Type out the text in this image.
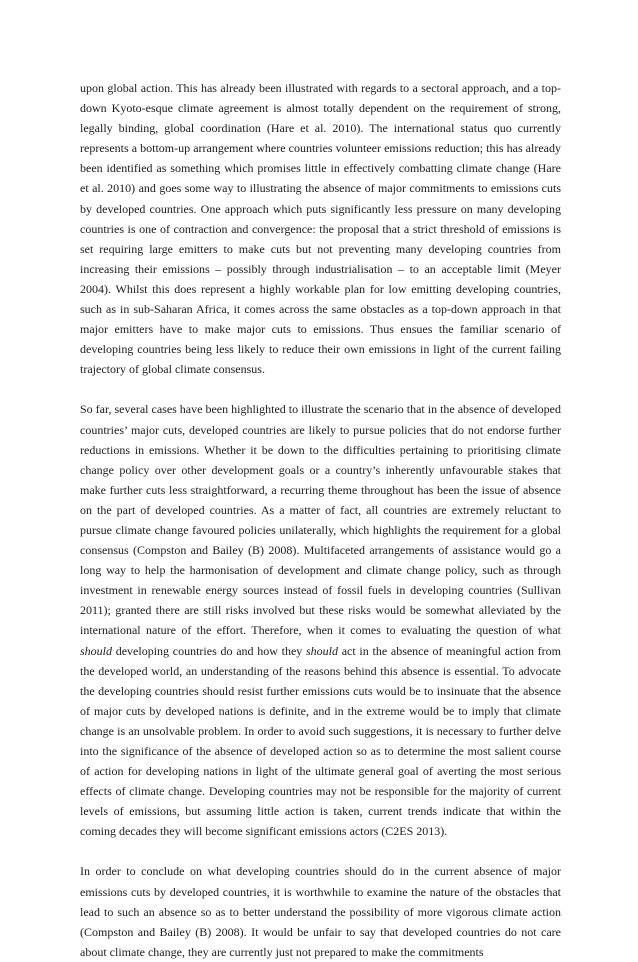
upon global action. This has already been illustrated with regards to a sectoral approach, and a top-down Kyoto-esque climate agreement is almost totally dependent on the requirement of strong, legally binding, global coordination (Hare et al. 2010). The international status quo currently represents a bottom-up arrangement where countries volunteer emissions reduction; this has already been identified as something which promises little in effectively combatting climate change (Hare et al. 2010) and goes some way to illustrating the absence of major commitments to emissions cuts by developed countries. One approach which puts significantly less pressure on many developing countries is one of contraction and convergence: the proposal that a strict threshold of emissions is set requiring large emitters to make cuts but not preventing many developing countries from increasing their emissions – possibly through industrialisation – to an acceptable limit (Meyer 2004). Whilst this does represent a highly workable plan for low emitting developing countries, such as in sub-Saharan Africa, it comes across the same obstacles as a top-down approach in that major emitters have to make major cuts to emissions. Thus ensues the familiar scenario of developing countries being less likely to reduce their own emissions in light of the current failing trajectory of global climate consensus.

So far, several cases have been highlighted to illustrate the scenario that in the absence of developed countries’ major cuts, developed countries are likely to pursue policies that do not endorse further reductions in emissions. Whether it be down to the difficulties pertaining to prioritising climate change policy over other development goals or a country’s inherently unfavourable stakes that make further cuts less straightforward, a recurring theme throughout has been the issue of absence on the part of developed countries. As a matter of fact, all countries are extremely reluctant to pursue climate change favoured policies unilaterally, which highlights the requirement for a global consensus (Compston and Bailey (B) 2008). Multifaceted arrangements of assistance would go a long way to help the harmonisation of development and climate change policy, such as through investment in renewable energy sources instead of fossil fuels in developing countries (Sullivan 2011); granted there are still risks involved but these risks would be somewhat alleviated by the international nature of the effort. Therefore, when it comes to evaluating the question of what should developing countries do and how they should act in the absence of meaningful action from the developed world, an understanding of the reasons behind this absence is essential. To advocate the developing countries should resist further emissions cuts would be to insinuate that the absence of major cuts by developed nations is definite, and in the extreme would be to imply that climate change is an unsolvable problem. In order to avoid such suggestions, it is necessary to further delve into the significance of the absence of developed action so as to determine the most salient course of action for developing nations in light of the ultimate general goal of averting the most serious effects of climate change. Developing countries may not be responsible for the majority of current levels of emissions, but assuming little action is taken, current trends indicate that within the coming decades they will become significant emissions actors (C2ES 2013).

In order to conclude on what developing countries should do in the current absence of major emissions cuts by developed countries, it is worthwhile to examine the nature of the obstacles that lead to such an absence so as to better understand the possibility of more vigorous climate action (Compston and Bailey (B) 2008). It would be unfair to say that developed countries do not care about climate change, they are currently just not prepared to make the commitments
